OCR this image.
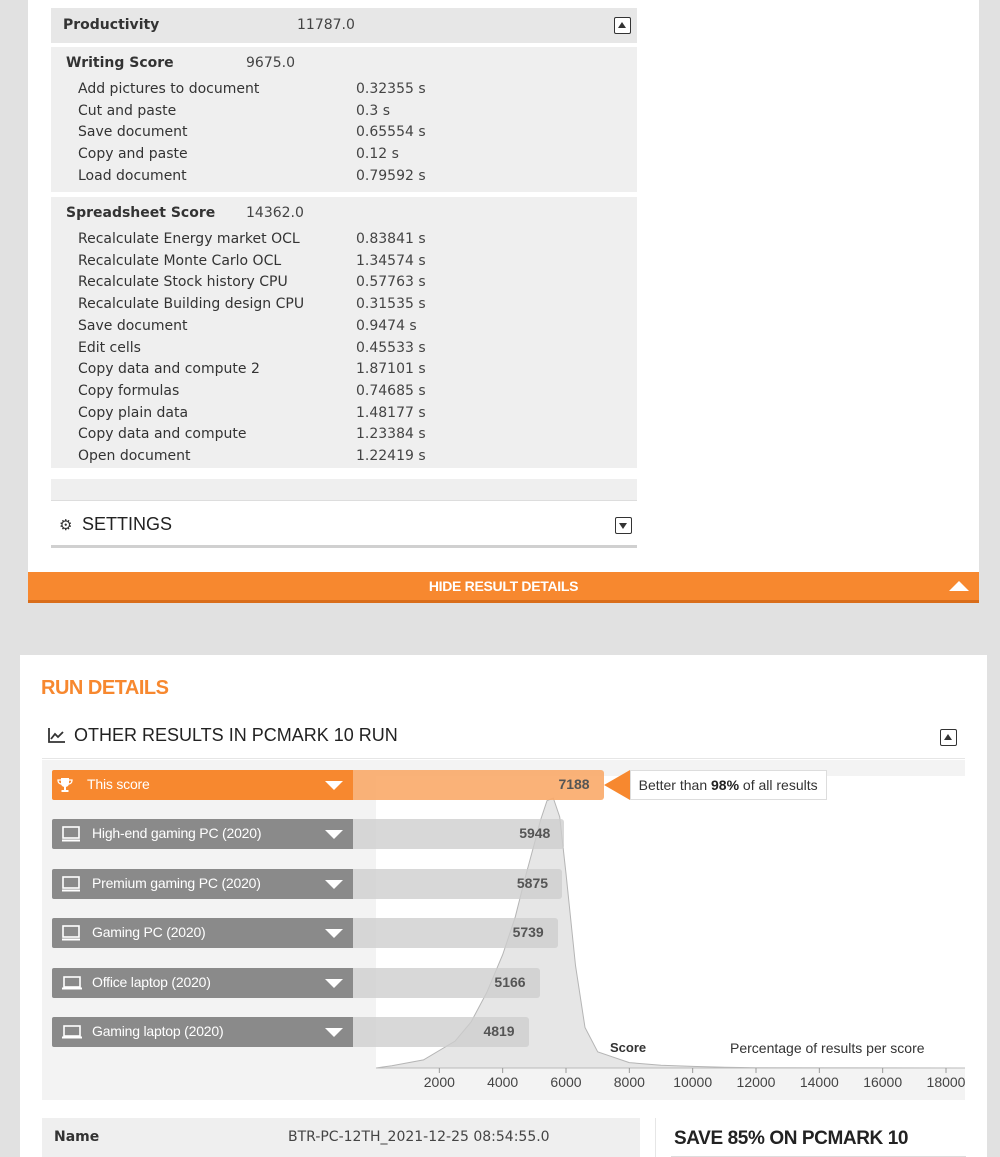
Productivity	11787.0
Writing Score	9675.0
Add pictures to document	0.32355 s
Cut and paste	0.3 s
Save document	0.65554 s
Copy and paste	0.12 s
Load document	0.79592 s
Spreadsheet Score 14362.0
Recalculate Energy market OCL	0.83841 s
Recalculate Monte Carlo OCL	1.34574 s
Recalculate Stock history CPU	0.57763 s
Recalculate Building design CPU	0.31535 s
Save document	0.9474 s
Edit cells	0.45533 s
Copy data and compute 2	1.87101 s
Copy formulas	0.74685 s
Copy plain data	1.48177 s
Copy data and compute	1.23384 s
Open document	1.22419 s
⚙ SETTINGS
HIDE RESULT DETAILS
RUN DETAILS
OTHER RESULTS IN PCMARK 10 RUN
Better than 98% of all results
Score	Percentage of results per score
2000 4000 6000 8000 10000 12000 14000 16000 18000
This score	7188
High-end gaming PC (2020)	5948
Premium gaming PC (2020)	5875
Gaming PC (2020)	5739
Office laptop (2020)	5166
Gaming laptop (2020)	4819
Name	BTR-PC-12TH_2021-12-25 08:54:55.0	SAVE 85% ON PCMARK 10
